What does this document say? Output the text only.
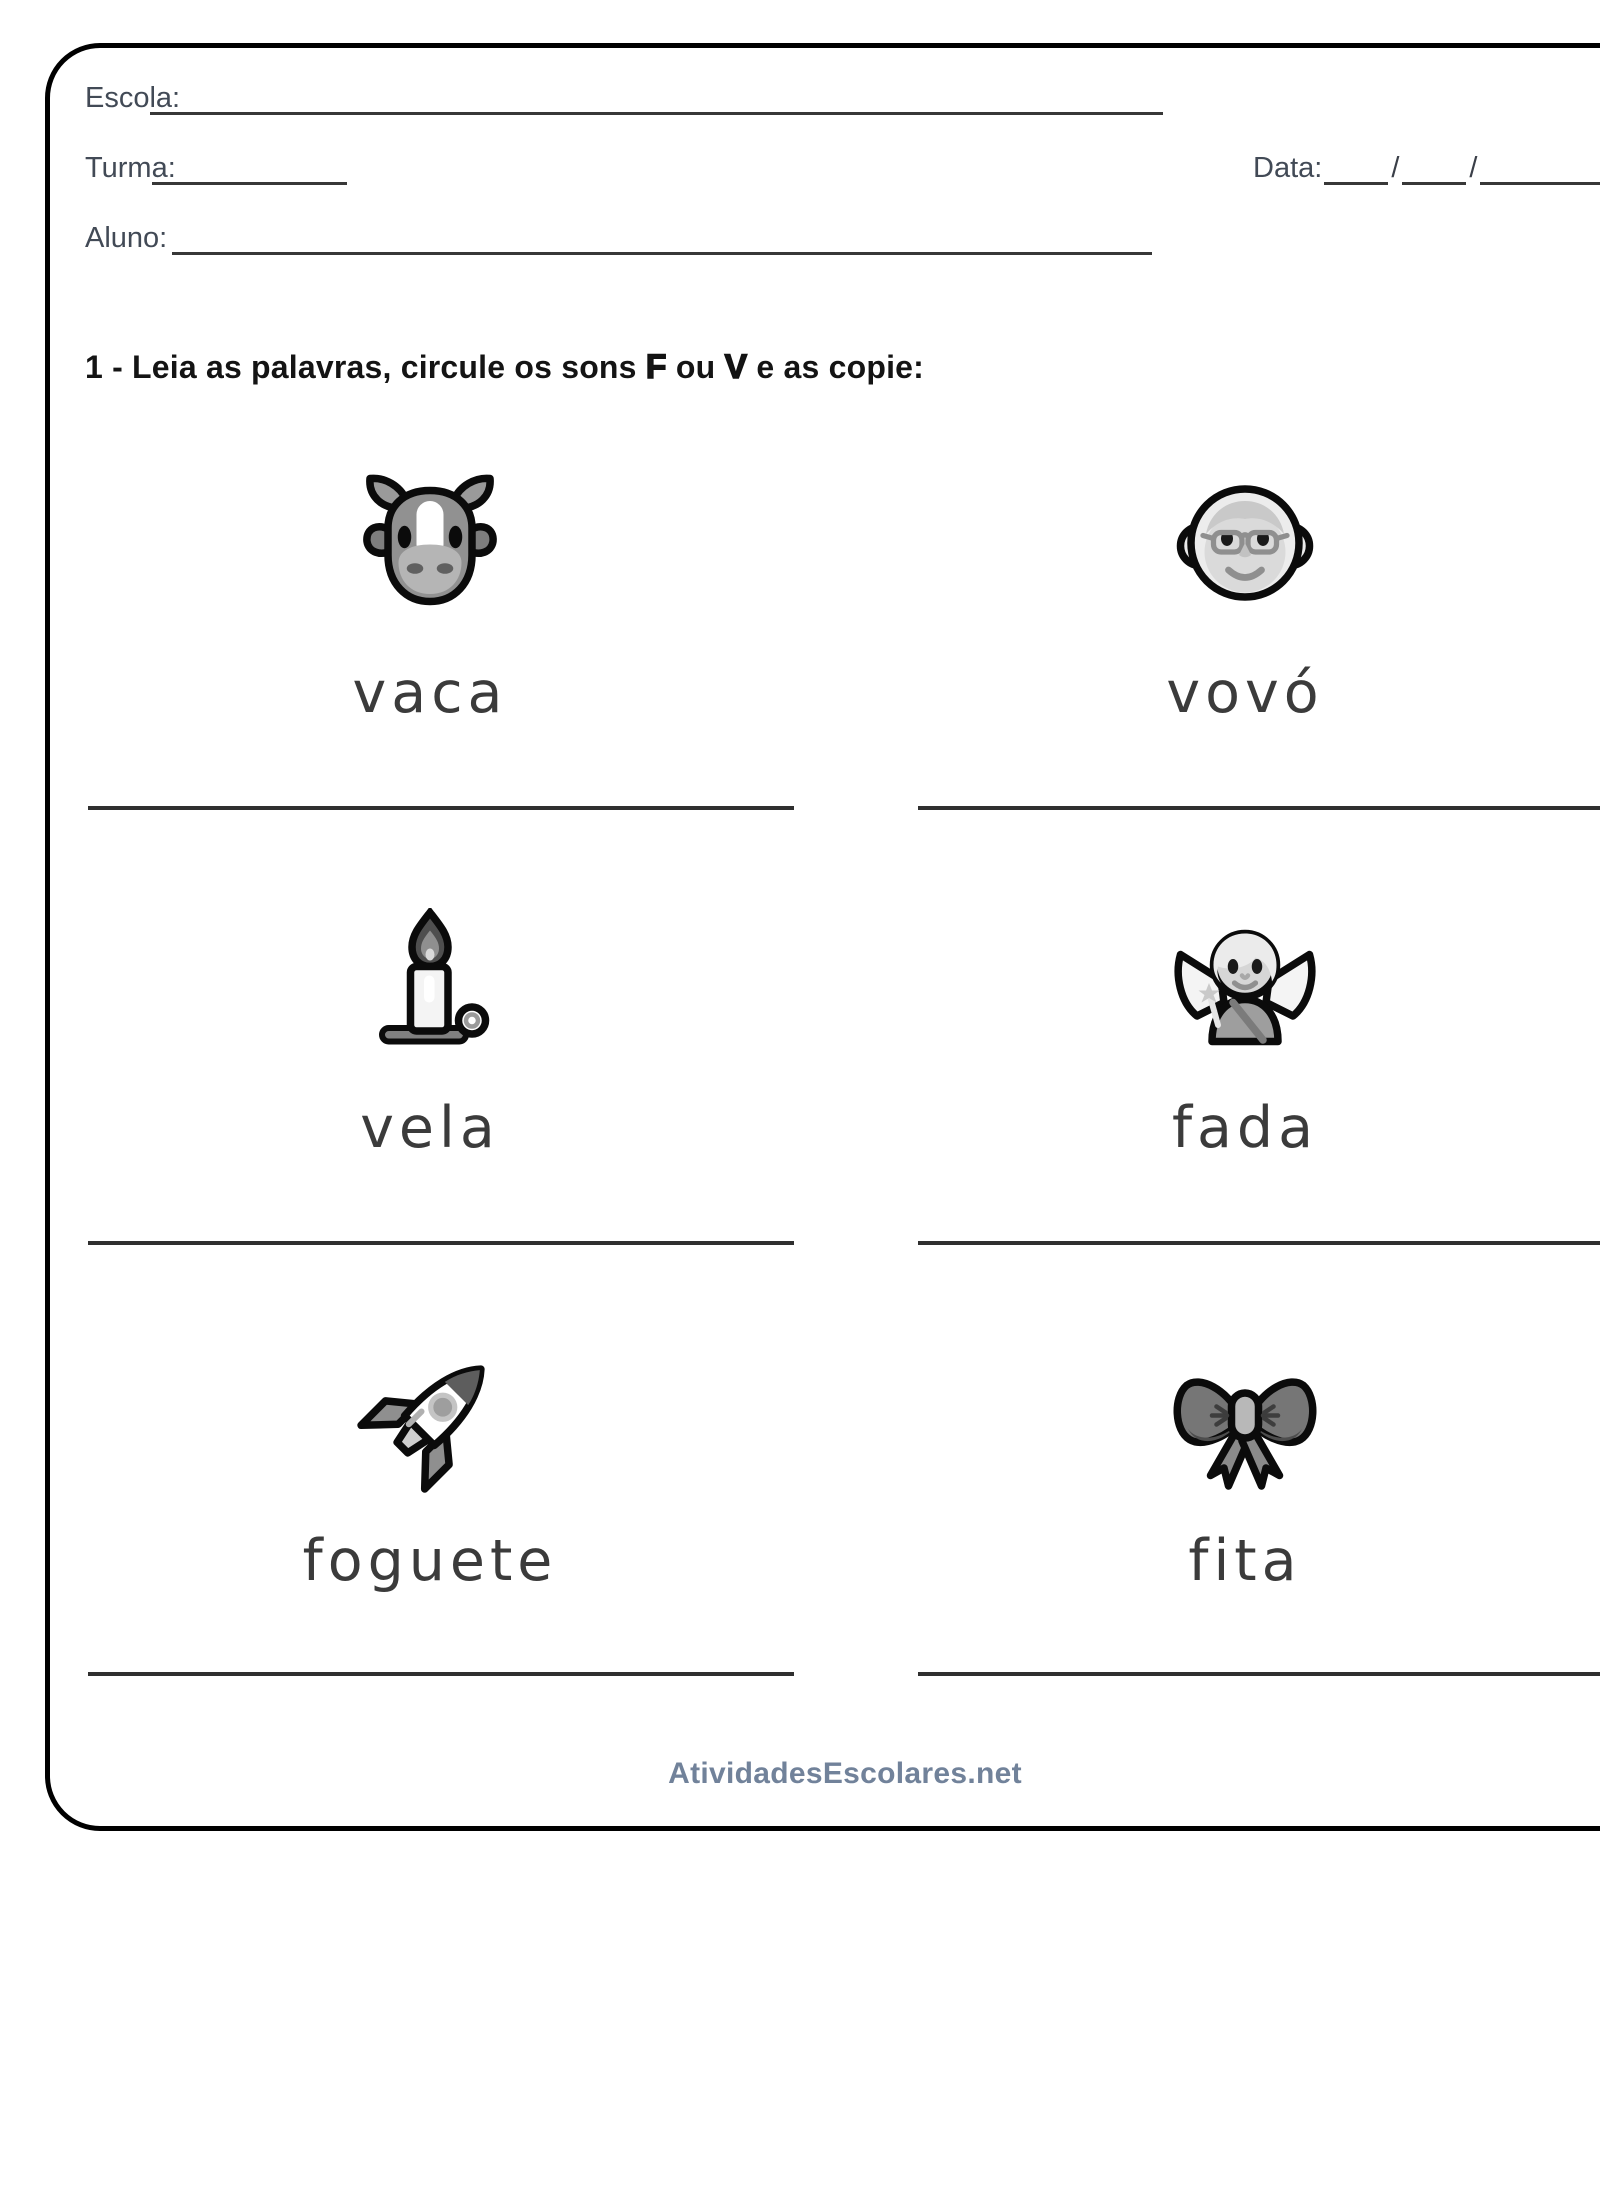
Escola:
Turma:	Data: / /
Aluno:
1 - Leia as palavras, circule os sons F ou V e as copie:
vaca	vovó
vela	fada
foguete	fita
AtividadesEscolares.net
